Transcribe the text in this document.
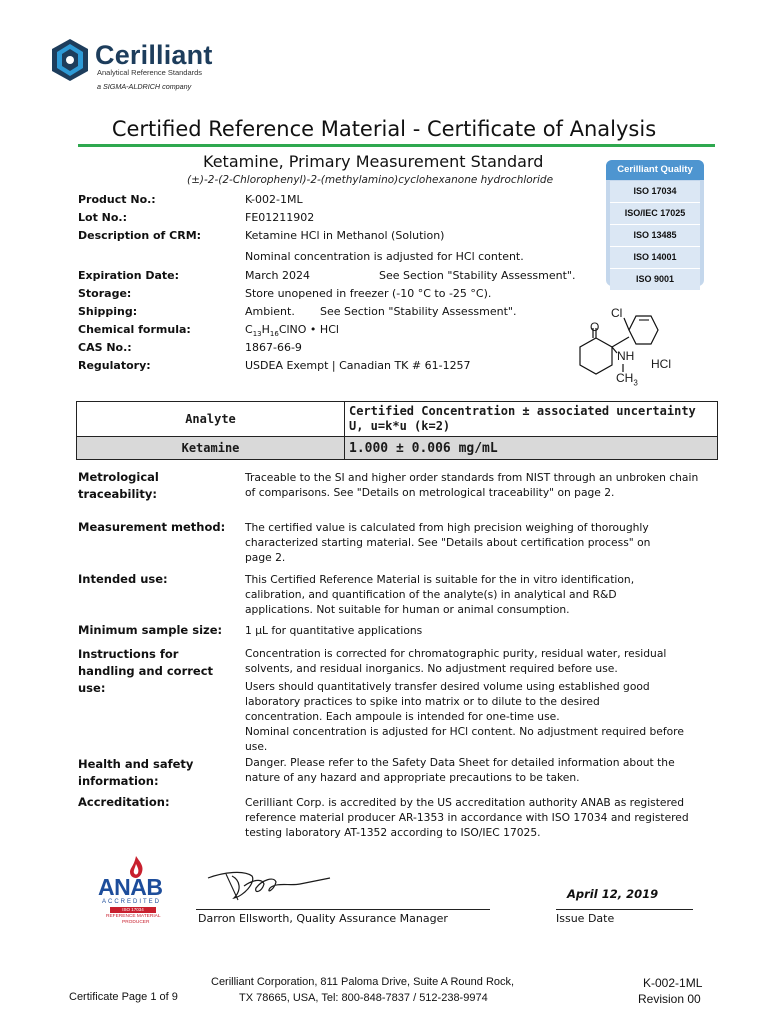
Cerilliant
Analytical Reference Standards
a SIGMA-ALDRICH company
Certified Reference Material - Certificate of Analysis
Ketamine, Primary Measurement Standard
(±)-2-(2-Chlorophenyl)-2-(methylamino)cyclohexanone hydrochloride
Cerilliant Quality
ISO 17034
ISO/IEC 17025
ISO 13485
ISO 14001
ISO 9001
Product No.:	K-002-1ML
Lot No.:	FE01211902
Description of CRM:	Ketamine HCl in Methanol (Solution)
Nominal concentration is adjusted for HCl content.
Expiration Date:	March 2024	See Section "Stability Assessment".
Storage:	Store unopened in freezer (-10 °C to -25 °C).
Shipping:	Ambient. See Section "Stability Assessment".
Chemical formula:	$C_{13}H_{16}ClNO$ • HCl
CAS No.:	1867-66-9
Regulatory:	USDEA Exempt | Canadian TK # 61-1257
Cl
O
NH
$CH_3$
HCl
Analyte	Certified Concentration ± associated uncertainty U, u=k*u (k=2)
Ketamine	1.000 ± 0.006 mg/mL
Metrological traceability:
Traceable to the SI and higher order standards from NIST through an unbroken chain of comparisons. See "Details on metrological traceability" on page 2.
Measurement method:	The certified value is calculated from high precision weighing of thoroughly characterized starting material. See "Details about certification process" on page 2.
Intended use:	This Certified Reference Material is suitable for the in vitro identification, calibration, and quantification of the analyte(s) in analytical and R&D applications. Not suitable for human or animal consumption.
Minimum sample size:	1 µL for quantitative applications
Instructions for handling and correct use:
Concentration is corrected for chromatographic purity, residual water, residual solvents, and residual inorganics. No adjustment required before use.
Users should quantitatively transfer desired volume using established good laboratory practices to spike into matrix or to dilute to the desired concentration. Each ampoule is intended for one-time use.
Nominal concentration is adjusted for HCl content. No adjustment required before use.
Health and safety information:
Danger. Please refer to the Safety Data Sheet for detailed information about the nature of any hazard and appropriate precautions to be taken.
Accreditation:	Cerilliant Corp. is accredited by the US accreditation authority ANAB as registered reference material producer AR-1353 in accordance with ISO 17034 and registered testing laboratory AT-1352 according to ISO/IEC 17025.
ANAB
ACCREDITED
ISO 17034
REFERENCE MATERIAL
PRODUCER	Darron Ellsworth, Quality Assurance Manager
April 12, 2019
Issue Date
Certificate Page 1 of 9
Cerilliant Corporation, 811 Paloma Drive, Suite A Round Rock,
TX 78665, USA, Tel: 800-848-7837 / 512-238-9974
K-002-1ML
Revision 00
